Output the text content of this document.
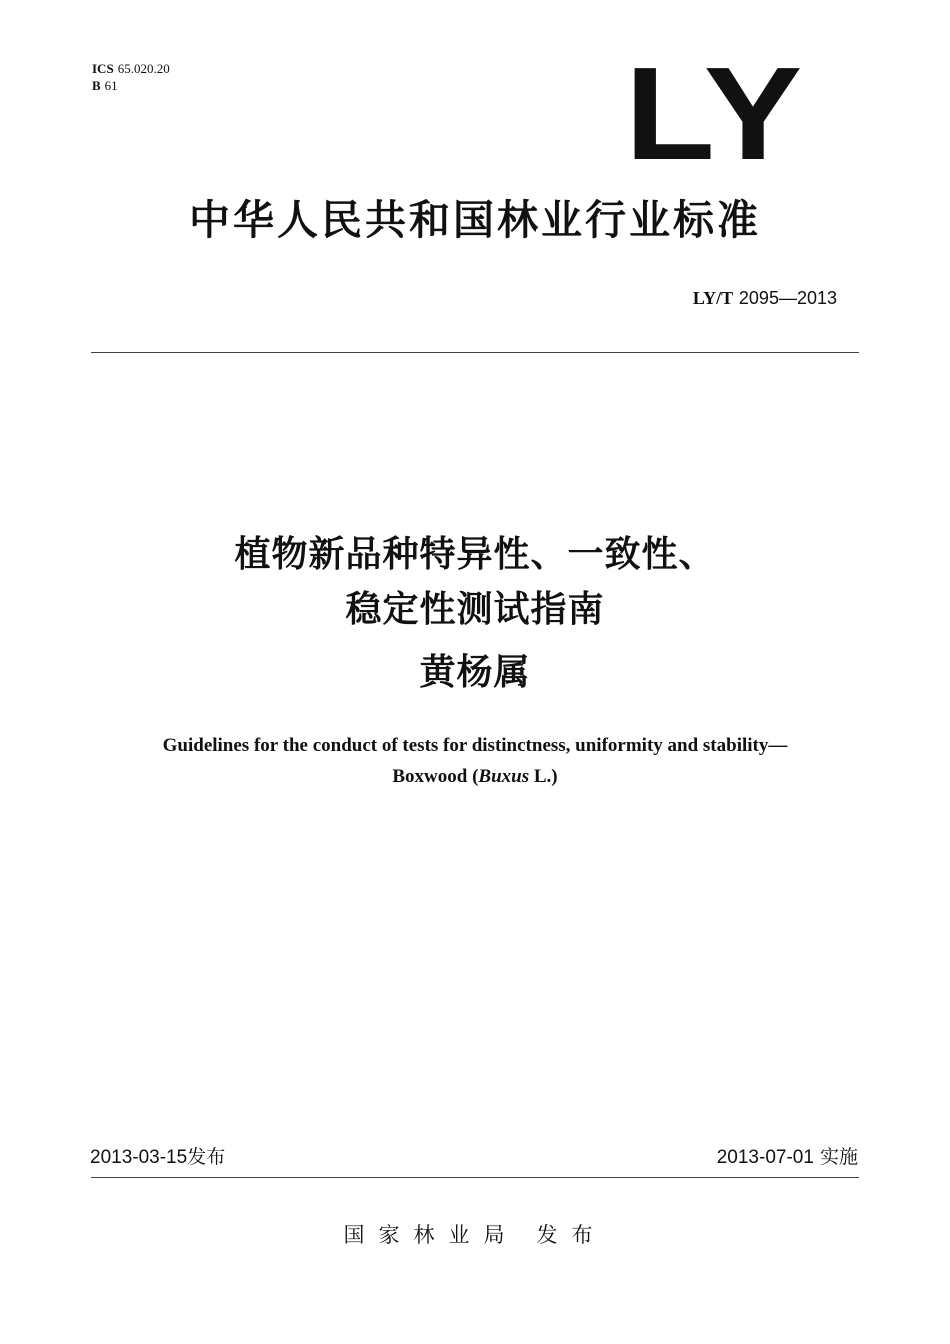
ICS 65.020.20
B 61	LY
中华人民共和国林业行业标准
LY/T 2095—2013
植物新品种特异性、一致性、
稳定性测试指南
黄杨属
Guidelines for the conduct of tests for distinctness, uniformity and stability—
Boxwood (Buxus L.)
2013-03-15发布	2013-07-01 实施
国家林业局 发布
